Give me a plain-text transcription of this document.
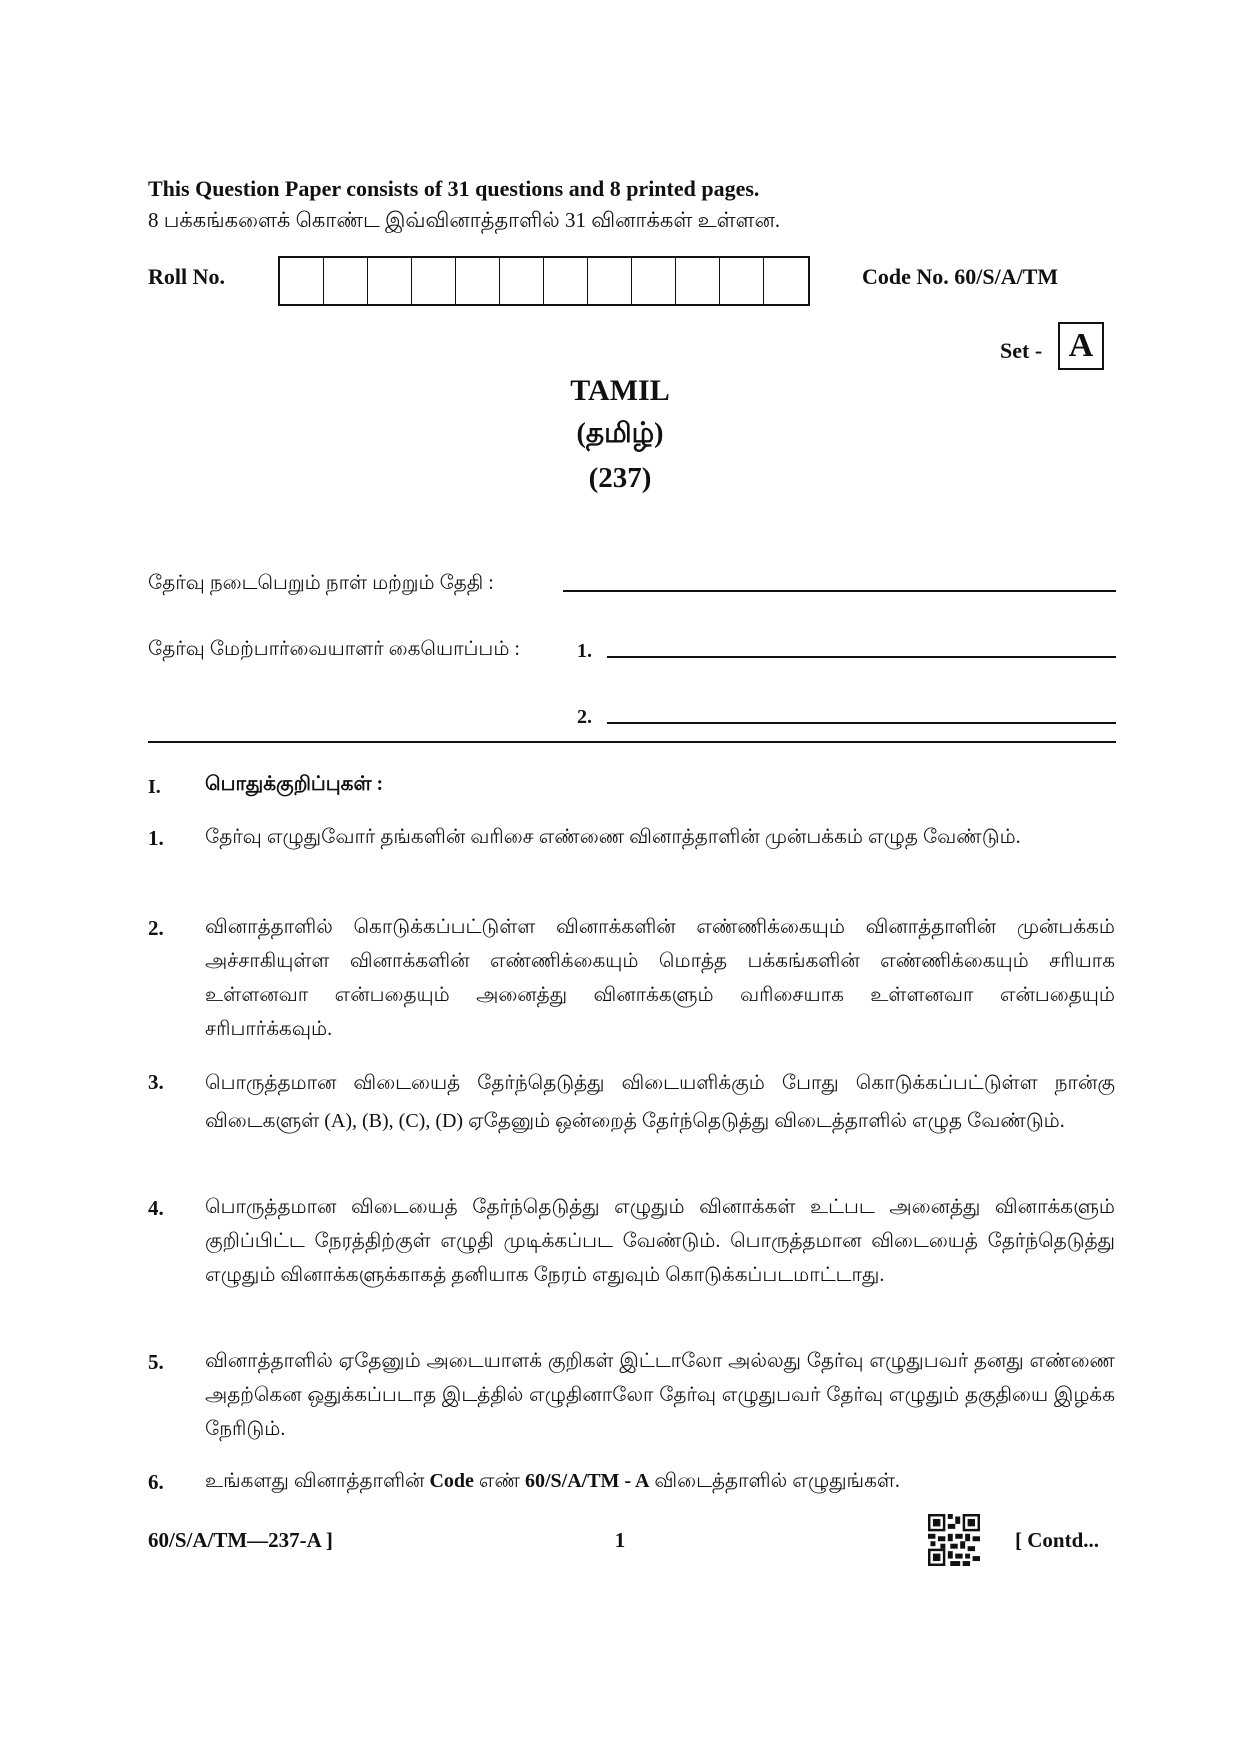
This Question Paper consists of 31 questions and 8 printed pages.
8 பக்கங்களைக் கொண்ட இவ்வினாத்தாளில் 31 வினாக்கள் உள்ளன.
Roll No.	Code No. 60/S/A/TM
Set - A
TAMIL
(தமிழ்)
(237)
தேர்வு நடைபெறும் நாள் மற்றும் தேதி :
தேர்வு மேற்பார்வையாளர் கையொப்பம் :	1.
2.
I. பொதுக்குறிப்புகள் :
1. தேர்வு எழுதுவோர் தங்களின் வரிசை எண்ணை வினாத்தாளின் முன்பக்கம் எழுத வேண்டும்.
2. வினாத்தாளில் கொடுக்கப்பட்டுள்ள வினாக்களின் எண்ணிக்கையும் வினாத்தாளின் முன்பக்கம் அச்சாகியுள்ள வினாக்களின் எண்ணிக்கையும் மொத்த பக்கங்களின் எண்ணிக்கையும் சரியாக உள்ளனவா என்பதையும் அனைத்து வினாக்களும் வரிசையாக உள்ளனவா என்பதையும் சரிபார்க்கவும்.
3. பொருத்தமான விடையைத் தேர்ந்தெடுத்து விடையளிக்கும் போது கொடுக்கப்பட்டுள்ள நான்கு விடைகளுள் (A), (B), (C), (D) ஏதேனும் ஒன்றைத் தேர்ந்தெடுத்து விடைத்தாளில் எழுத வேண்டும்.
4. பொருத்தமான விடையைத் தேர்ந்தெடுத்து எழுதும் வினாக்கள் உட்பட அனைத்து வினாக்களும் குறிப்பிட்ட நேரத்திற்குள் எழுதி முடிக்கப்பட வேண்டும். பொருத்தமான விடையைத் தேர்ந்தெடுத்து எழுதும் வினாக்களுக்காகத் தனியாக நேரம் எதுவும் கொடுக்கப்படமாட்டாது.
5. வினாத்தாளில் ஏதேனும் அடையாளக் குறிகள் இட்டாலோ அல்லது தேர்வு எழுதுபவர் தனது எண்ணை அதற்கென ஒதுக்கப்படாத இடத்தில் எழுதினாலோ தேர்வு எழுதுபவர் தேர்வு எழுதும் தகுதியை இழக்க நேரிடும்.
6. உங்களது வினாத்தாளின் Code எண் 60/S/A/TM - A விடைத்தாளில் எழுதுங்கள்.
60/S/A/TM—237-A ]	1	[ Contd...
